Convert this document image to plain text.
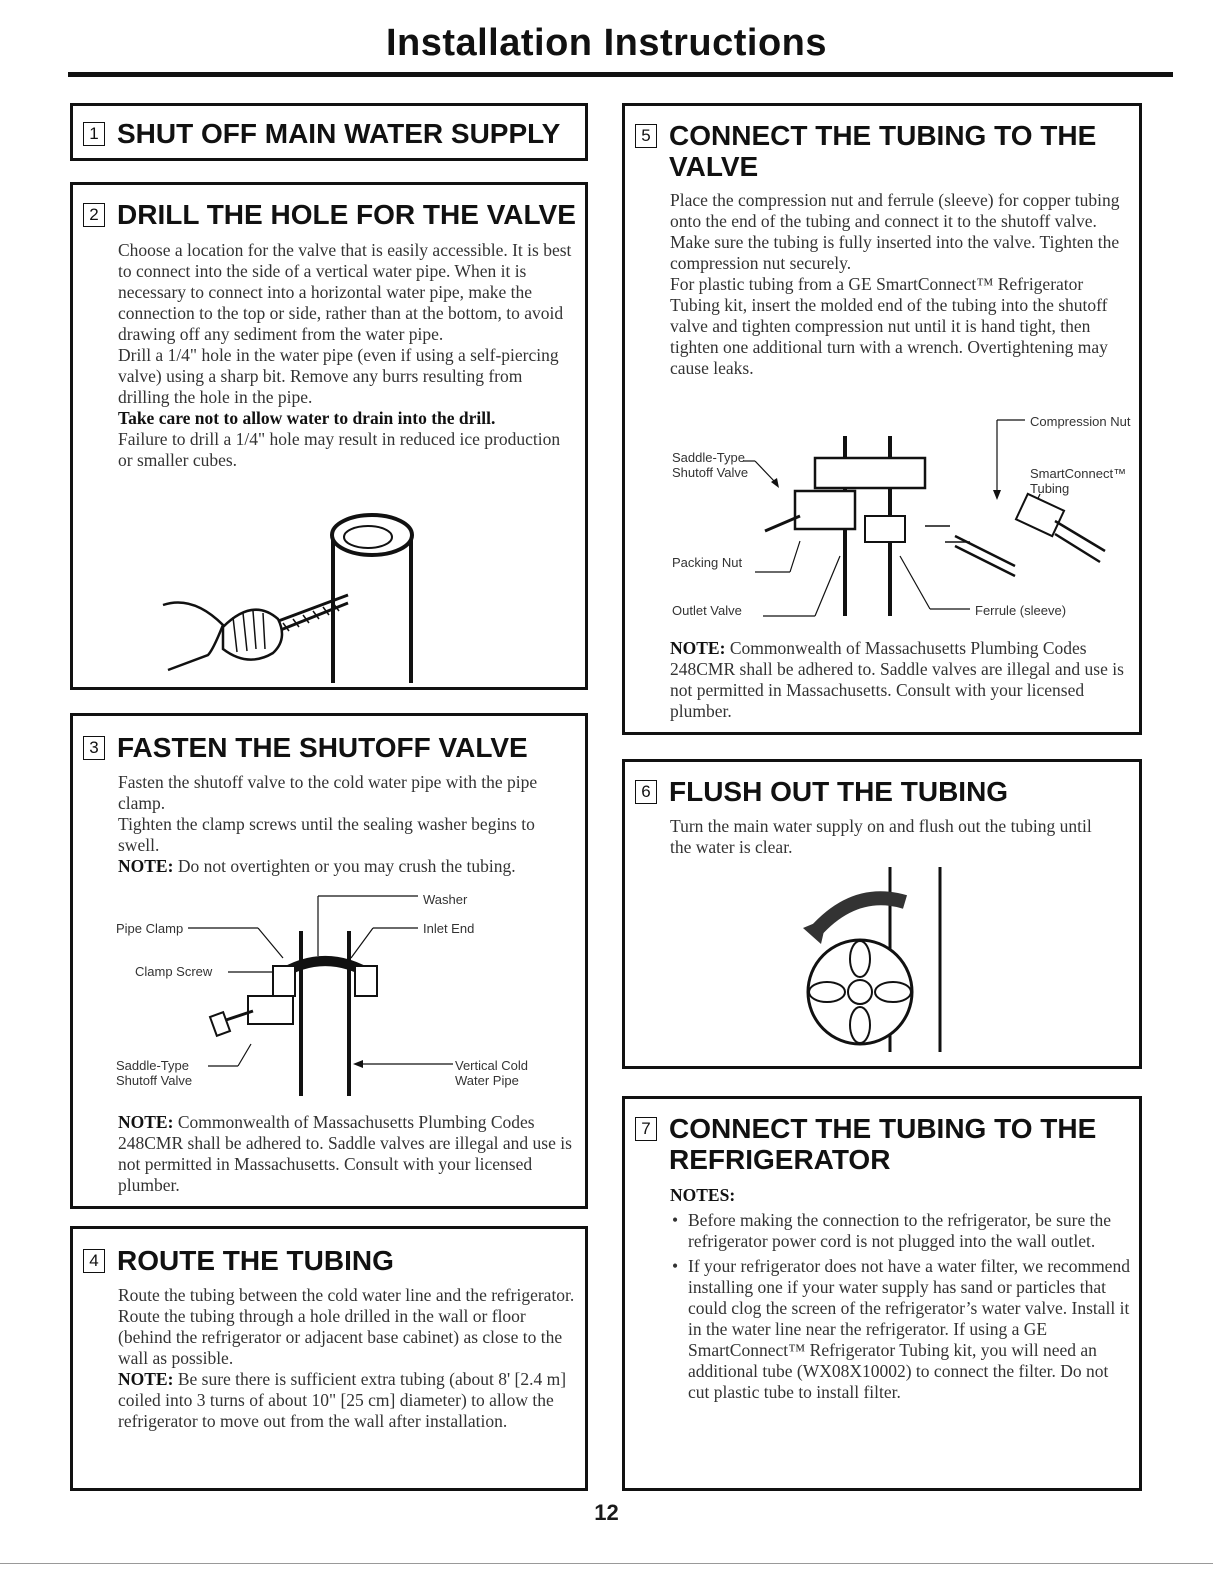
Installation Instructions
1 SHUT OFF MAIN WATER SUPPLY
2 DRILL THE HOLE FOR THE VALVE

Choose a location for the valve that is easily accessible. It is best to connect into the side of a vertical water pipe. When it is necessary to connect into a horizontal water pipe, make the connection to the top or side, rather than at the bottom, to avoid drawing off any sediment from the water pipe.

Drill a 1/4" hole in the water pipe (even if using a self-piercing valve) using a sharp bit. Remove any burrs resulting from drilling the hole in the pipe.

Take care not to allow water to drain into the drill.

Failure to drill a 1/4" hole may result in reduced ice production or smaller cubes.

3 FASTEN THE SHUTOFF VALVE

Fasten the shutoff valve to the cold water pipe with the pipe clamp.

Tighten the clamp screws until the sealing washer begins to swell.

NOTE: Do not overtighten or you may crush the tubing.

Washer
Pipe Clamp	Inlet End
Clamp Screw
Saddle-Type
Shutoff Valve
Vertical Cold
Water Pipe

NOTE: Commonwealth of Massachusetts Plumbing Codes 248CMR shall be adhered to. Saddle valves are illegal and use is not permitted in Massachusetts. Consult with your licensed plumber.

4 ROUTE THE TUBING

Route the tubing between the cold water line and the refrigerator.

Route the tubing through a hole drilled in the wall or floor (behind the refrigerator or adjacent base cabinet) as close to the wall as possible.

NOTE: Be sure there is sufficient extra tubing (about 8' [2.4 m] coiled into 3 turns of about 10" [25 cm] diameter) to allow the refrigerator to move out from the wall after installation.

5 CONNECT THE TUBING TO THE
VALVE

Place the compression nut and ferrule (sleeve) for copper tubing onto the end of the tubing and connect it to the shutoff valve.

Make sure the tubing is fully inserted into the valve. Tighten the compression nut securely.

For plastic tubing from a GE SmartConnect™ Refrigerator Tubing kit, insert the molded end of the tubing into the shutoff valve and tighten compression nut until it is hand tight, then tighten one additional turn with a wrench. Overtightening may cause leaks.

Compression Nut
Saddle-Type
Shutoff Valve	SmartConnect™
Tubing
Packing Nut
Outlet Valve	Ferrule (sleeve)

NOTE: Commonwealth of Massachusetts Plumbing Codes 248CMR shall be adhered to. Saddle valves are illegal and use is not permitted in Massachusetts. Consult with your licensed plumber.

6 FLUSH OUT THE TUBING

Turn the main water supply on and flush out the tubing until the water is clear.

7 CONNECT THE TUBING TO THE
REFRIGERATOR

NOTES:

• Before making the connection to the refrigerator, be sure the refrigerator power cord is not plugged into the wall outlet.
• If your refrigerator does not have a water filter, we recommend installing one if your water supply has sand or particles that could clog the screen of the refrigerator’s water valve. Install it in the water line near the refrigerator. If using a GE SmartConnect™ Refrigerator Tubing kit, you will need an additional tube (WX08X10002) to connect the filter. Do not cut plastic tube to install filter.
12
